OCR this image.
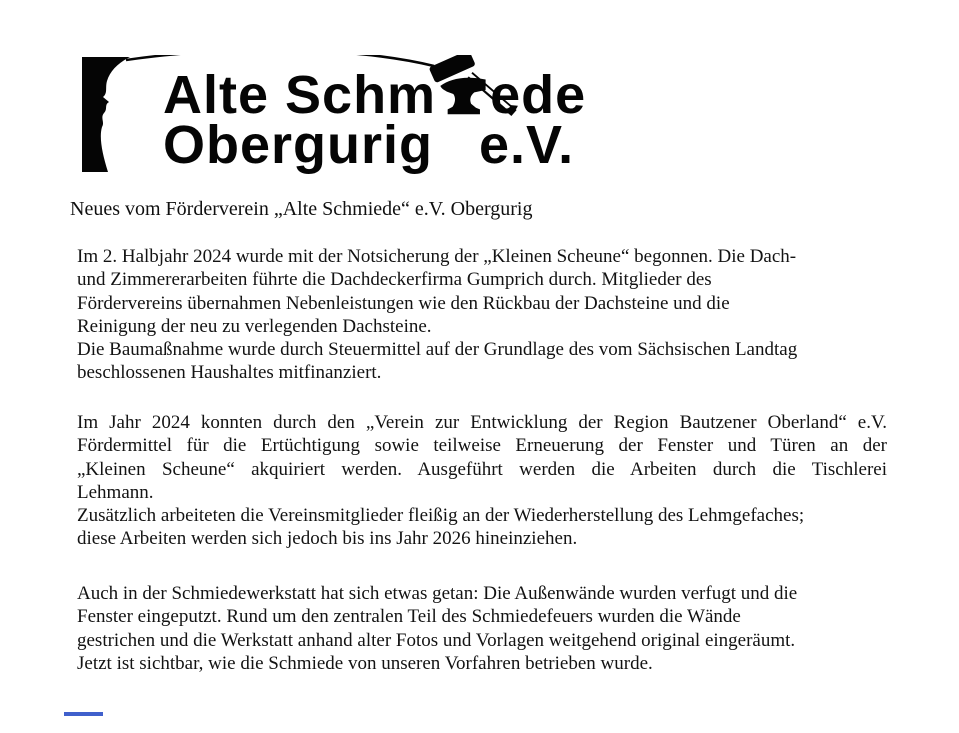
Alte Schm ede
Obergurig e.V.
Neues vom Förderverein „Alte Schmiede“ e.V. Obergurig
Im 2. Halbjahr 2024 wurde mit der Notsicherung der „Kleinen Scheune“ begonnen. Die Dach-
und Zimmererarbeiten führte die Dachdeckerfirma Gumprich durch. Mitglieder des
Fördervereins übernahmen Nebenleistungen wie den Rückbau der Dachsteine und die
Reinigung der neu zu verlegenden Dachsteine.
Die Baumaßnahme wurde durch Steuermittel auf der Grundlage des vom Sächsischen Landtag
beschlossenen Haushaltes mitfinanziert.
Im Jahr 2024 konnten durch den „Verein zur Entwicklung der Region Bautzener Oberland“ e.V.
Fördermittel für die Ertüchtigung sowie teilweise Erneuerung der Fenster und Türen an der
„Kleinen Scheune“ akquiriert werden. Ausgeführt werden die Arbeiten durch die Tischlerei
Lehmann.
Zusätzlich arbeiteten die Vereinsmitglieder fleißig an der Wiederherstellung des Lehmgefaches;
diese Arbeiten werden sich jedoch bis ins Jahr 2026 hineinziehen.
Auch in der Schmiedewerkstatt hat sich etwas getan: Die Außenwände wurden verfugt und die
Fenster eingeputzt. Rund um den zentralen Teil des Schmiedefeuers wurden die Wände
gestrichen und die Werkstatt anhand alter Fotos und Vorlagen weitgehend original eingeräumt.
Jetzt ist sichtbar, wie die Schmiede von unseren Vorfahren betrieben wurde.
